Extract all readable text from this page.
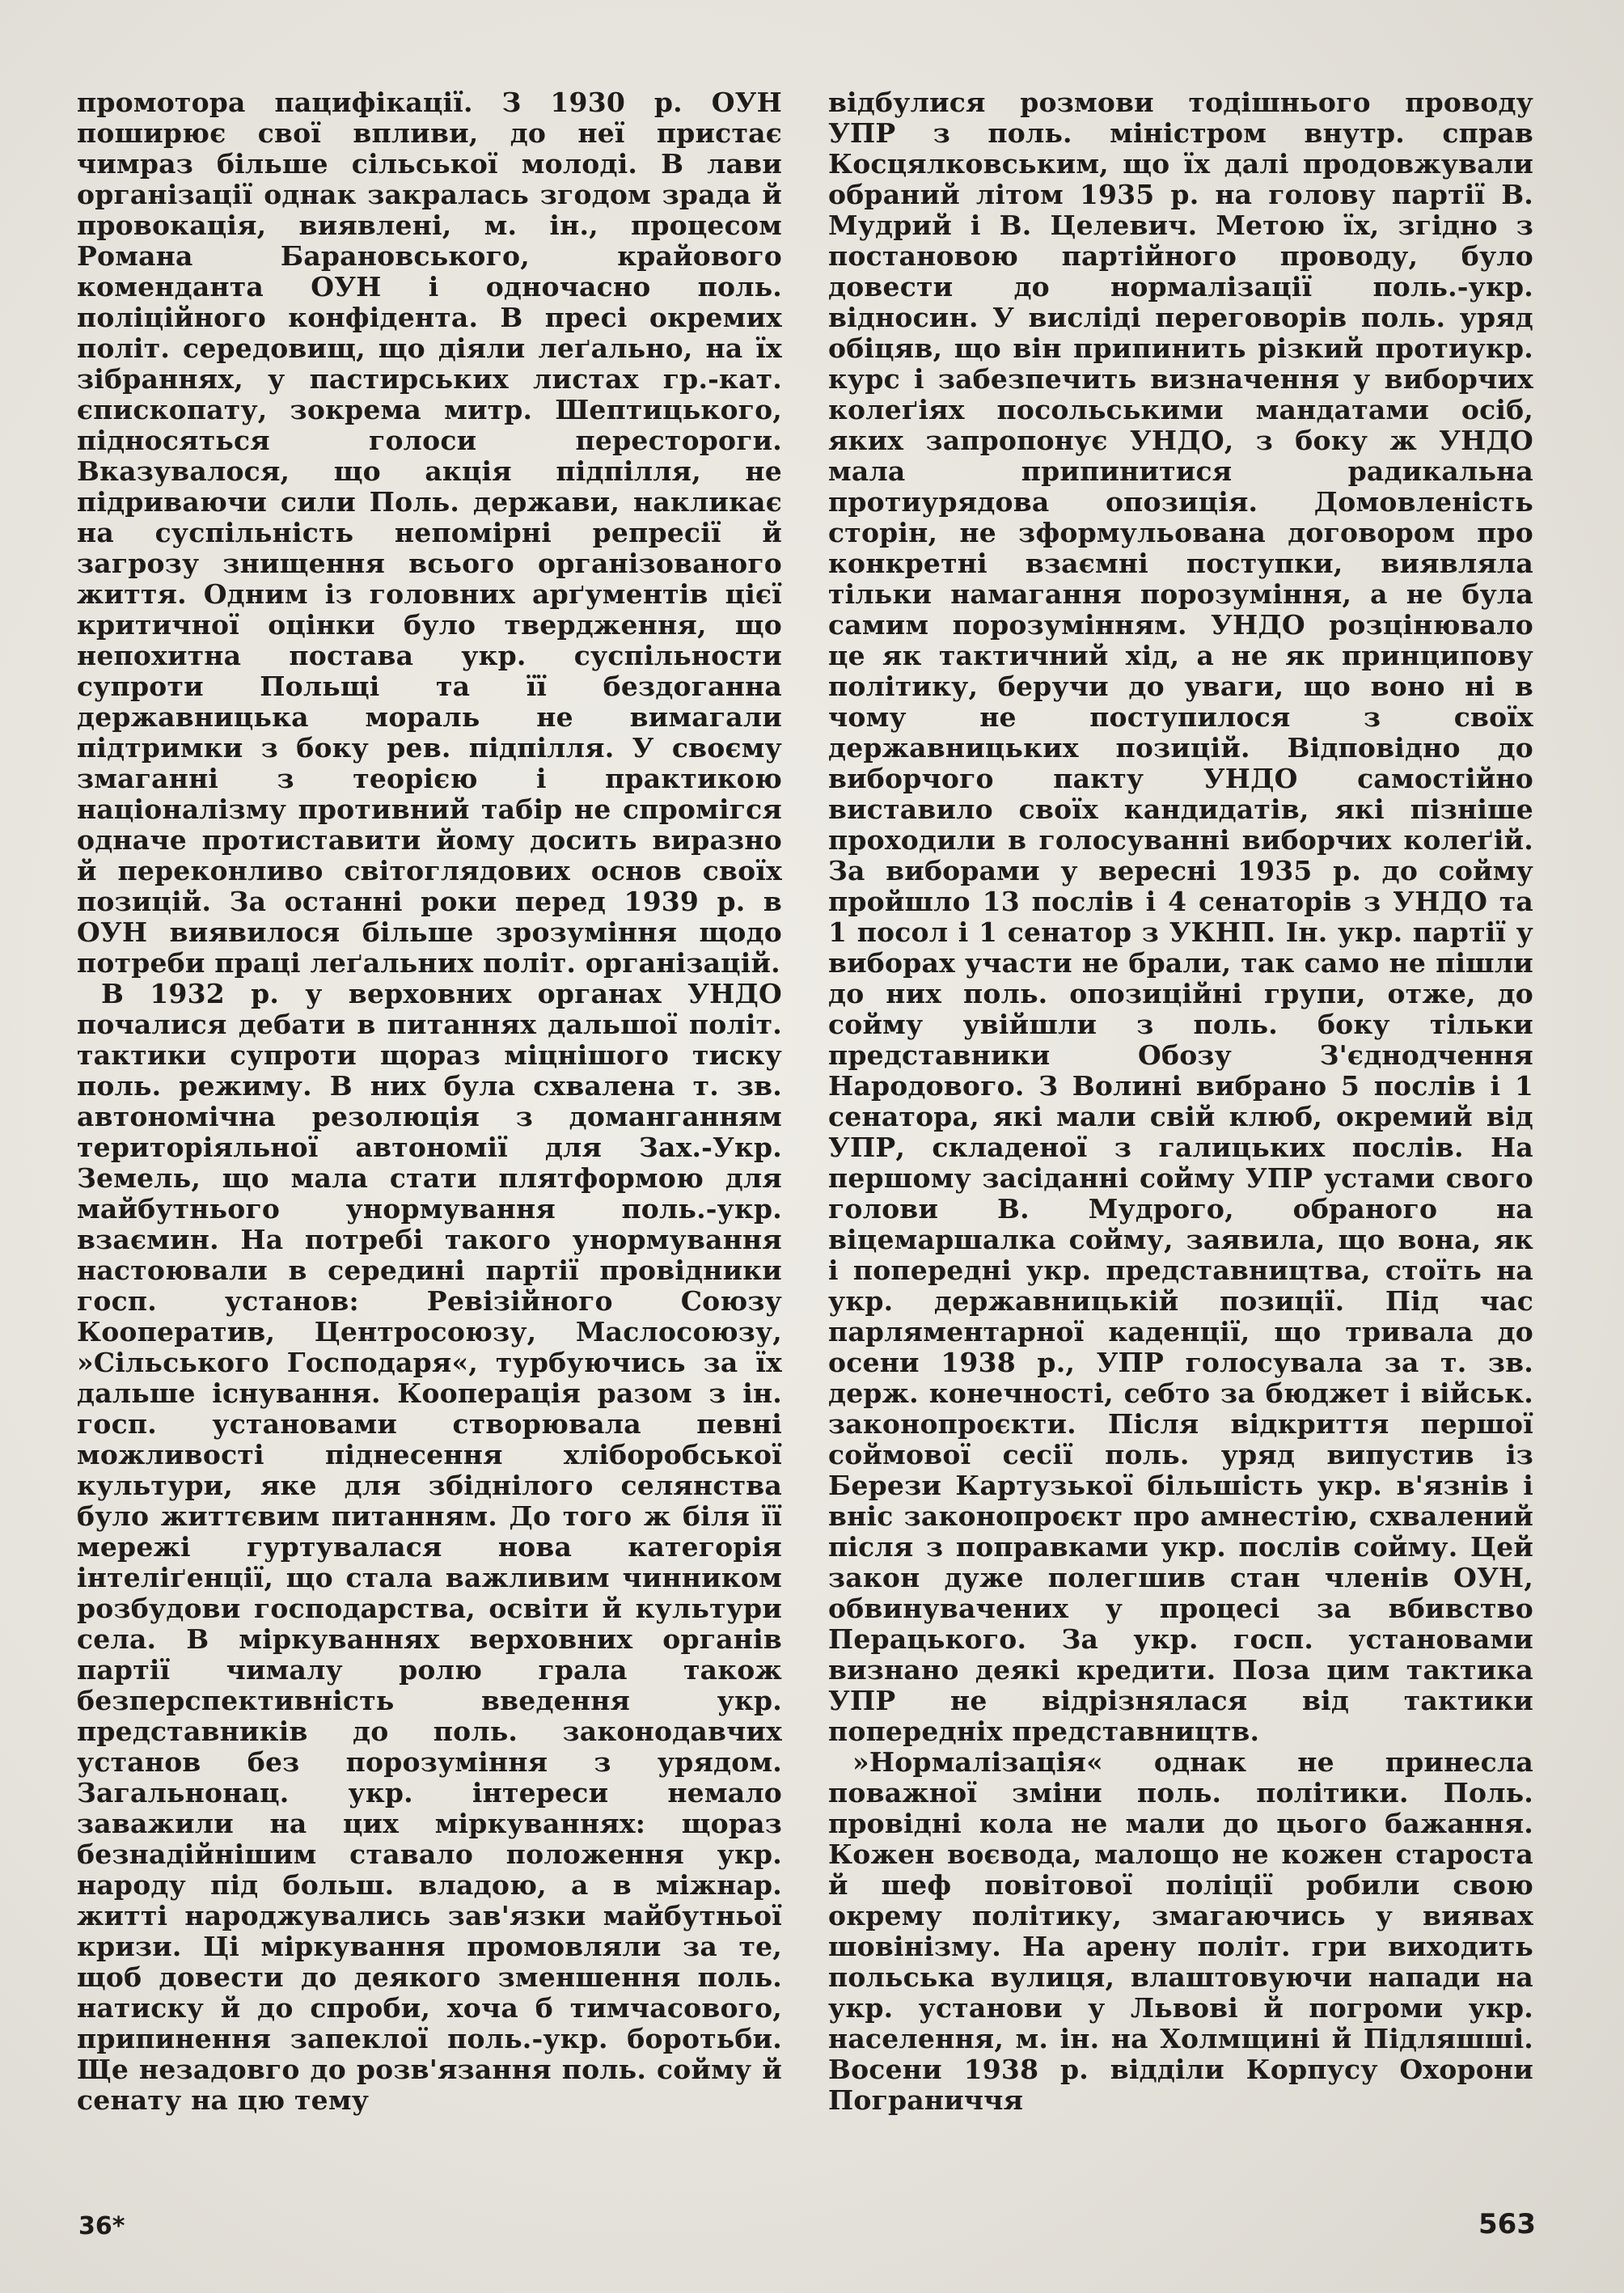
промотора пацифікації. З 1930 р. ОУН поширює свої впливи, до неї пристає чимраз більше сільської молоді. В лави організації однак закралась згодом зрада й провокація, виявлені, м. ін., процесом Романа Барановського, крайового коменданта ОУН і одночасно поль. поліційного конфідента. В пресі окремих політ. середовищ, що діяли леґально, на їх зібраннях, у пастирських листах гр.-кат. єпископату, зокрема митр. Шептицького, підносяться голоси перестороги. Вказувалося, що акція підпілля, не підриваючи сили Поль. держави, накликає на суспільність непомірні репресії й загрозу знищення всього організованого життя. Одним із головних арґументів цієї критичної оцінки було твердження, що непохитна постава укр. суспільности супроти Польщі та її бездоганна державницька мораль не вимагали підтримки з боку рев. підпілля. У своєму змаганні з теорією і практикою націоналізму противний табір не спромігся одначе протиставити йому досить виразно й переконливо світоглядових основ своїх позицій. За останні роки перед 1939 р. в ОУН виявилося більше зрозуміння щодо потреби праці леґальних політ. організацій.

В 1932 р. у верховних органах УНДО почалися дебати в питаннях дальшої політ. тактики супроти щораз міцнішого тиску поль. режиму. В них була схвалена т. зв. автономічна резолюція з доманганням територіяльної автономії для Зах.-Укр. Земель, що мала стати плятформою для майбутнього унормування поль.-укр. взаємин. На потребі такого унормування настоювали в середині партії провідники госп. установ: Ревізійного Союзу Кооператив, Центросоюзу, Маслосоюзу, »Сільського Господаря«, турбуючись за їх дальше існування. Кооперація разом з ін. госп. установами створювала певні можливості піднесення хліборобської культури, яке для збіднілого селянства було життєвим питанням. До того ж біля її мережі гуртувалася нова категорія інтеліґенції, що стала важливим чинником розбудови господарства, освіти й культури села. В міркуваннях верховних органів партії чималу ролю грала також безперспективність введення укр. представників до поль. законодавчих установ без порозуміння з урядом. Загальнонац. укр. інтереси немало заважили на цих міркуваннях: щораз безнадійнішим ставало положення укр. народу під больш. владою, а в міжнар. житті народжувались зав'язки майбутньої кризи. Ці міркування промовляли за те, щоб довести до деякого зменшення поль. натиску й до спроби, хоча б тимчасового, припинення запеклої поль.-укр. боротьби. Ще незадовго до розв'язання поль. сойму й сенату на цю тему

відбулися розмови тодішнього проводу УПР з поль. міністром внутр. справ Косцялковським, що їх далі продовжували обраний літом 1935 р. на голову партії В. Мудрий і В. Целевич. Метою їх, згідно з постановою партійного проводу, було довести до нормалізації поль.-укр. відносин. У висліді переговорів поль. уряд обіцяв, що він припинить різкий протиукр. курс і забезпечить визначення у виборчих колеґіях посольськими мандатами осіб, яких запропонує УНДО, з боку ж УНДО мала припинитися радикальна протиурядова опозиція. Домовленість сторін, не зформульована договором про конкретні взаємні поступки, виявляла тільки намагання порозуміння, а не була самим порозумінням. УНДО розцінювало це як тактичний хід, а не як принципову політику, беручи до уваги, що воно ні в чому не поступилося з своїх державницьких позицій. Відповідно до виборчого пакту УНДО самостійно виставило своїх кандидатів, які пізніше проходили в голосуванні виборчих колеґій. За виборами у вересні 1935 р. до сойму пройшло 13 послів і 4 сенаторів з УНДО та 1 посол і 1 сенатор з УКНП. Ін. укр. партії у виборах участи не брали, так само не пішли до них поль. опозиційні групи, отже, до сойму увійшли з поль. боку тільки представники Обозу З'єднодчення Народового. З Волині вибрано 5 послів і 1 сенатора, які мали свій клюб, окремий від УПР, складеної з галицьких послів. На першому засіданні сойму УПР устами свого голови В. Мудрого, обраного на віцемаршалка сойму, заявила, що вона, як і попередні укр. представництва, стоїть на укр. державницькій позиції. Під час парляментарної каденції, що тривала до осени 1938 р., УПР голосувала за т. зв. держ. конечності, себто за бюджет і військ. законопроєкти. Після відкриття першої соймової сесії поль. уряд випустив із Берези Картузької більшість укр. в'язнів і вніс законопроєкт про амнестію, схвалений після з поправками укр. послів сойму. Цей закон дуже полегшив стан членів ОУН, обвинувачених у процесі за вбивство Перацького. За укр. госп. установами визнано деякі кредити. Поза цим тактика УПР не відрізнялася від тактики попередніх представництв.

»Нормалізація« однак не принесла поважної зміни поль. політики. Поль. провідні кола не мали до цього бажання. Кожен воєвода, малощо не кожен староста й шеф повітової поліції робили свою окрему політику, змагаючись у виявах шовінізму. На арену політ. гри виходить польська вулиця, влаштовуючи напади на укр. установи у Львові й погроми укр. населення, м. ін. на Холмщині й Підляшші. Восени 1938 р. відділи Корпусу Охорони Пограниччя

36*	563
